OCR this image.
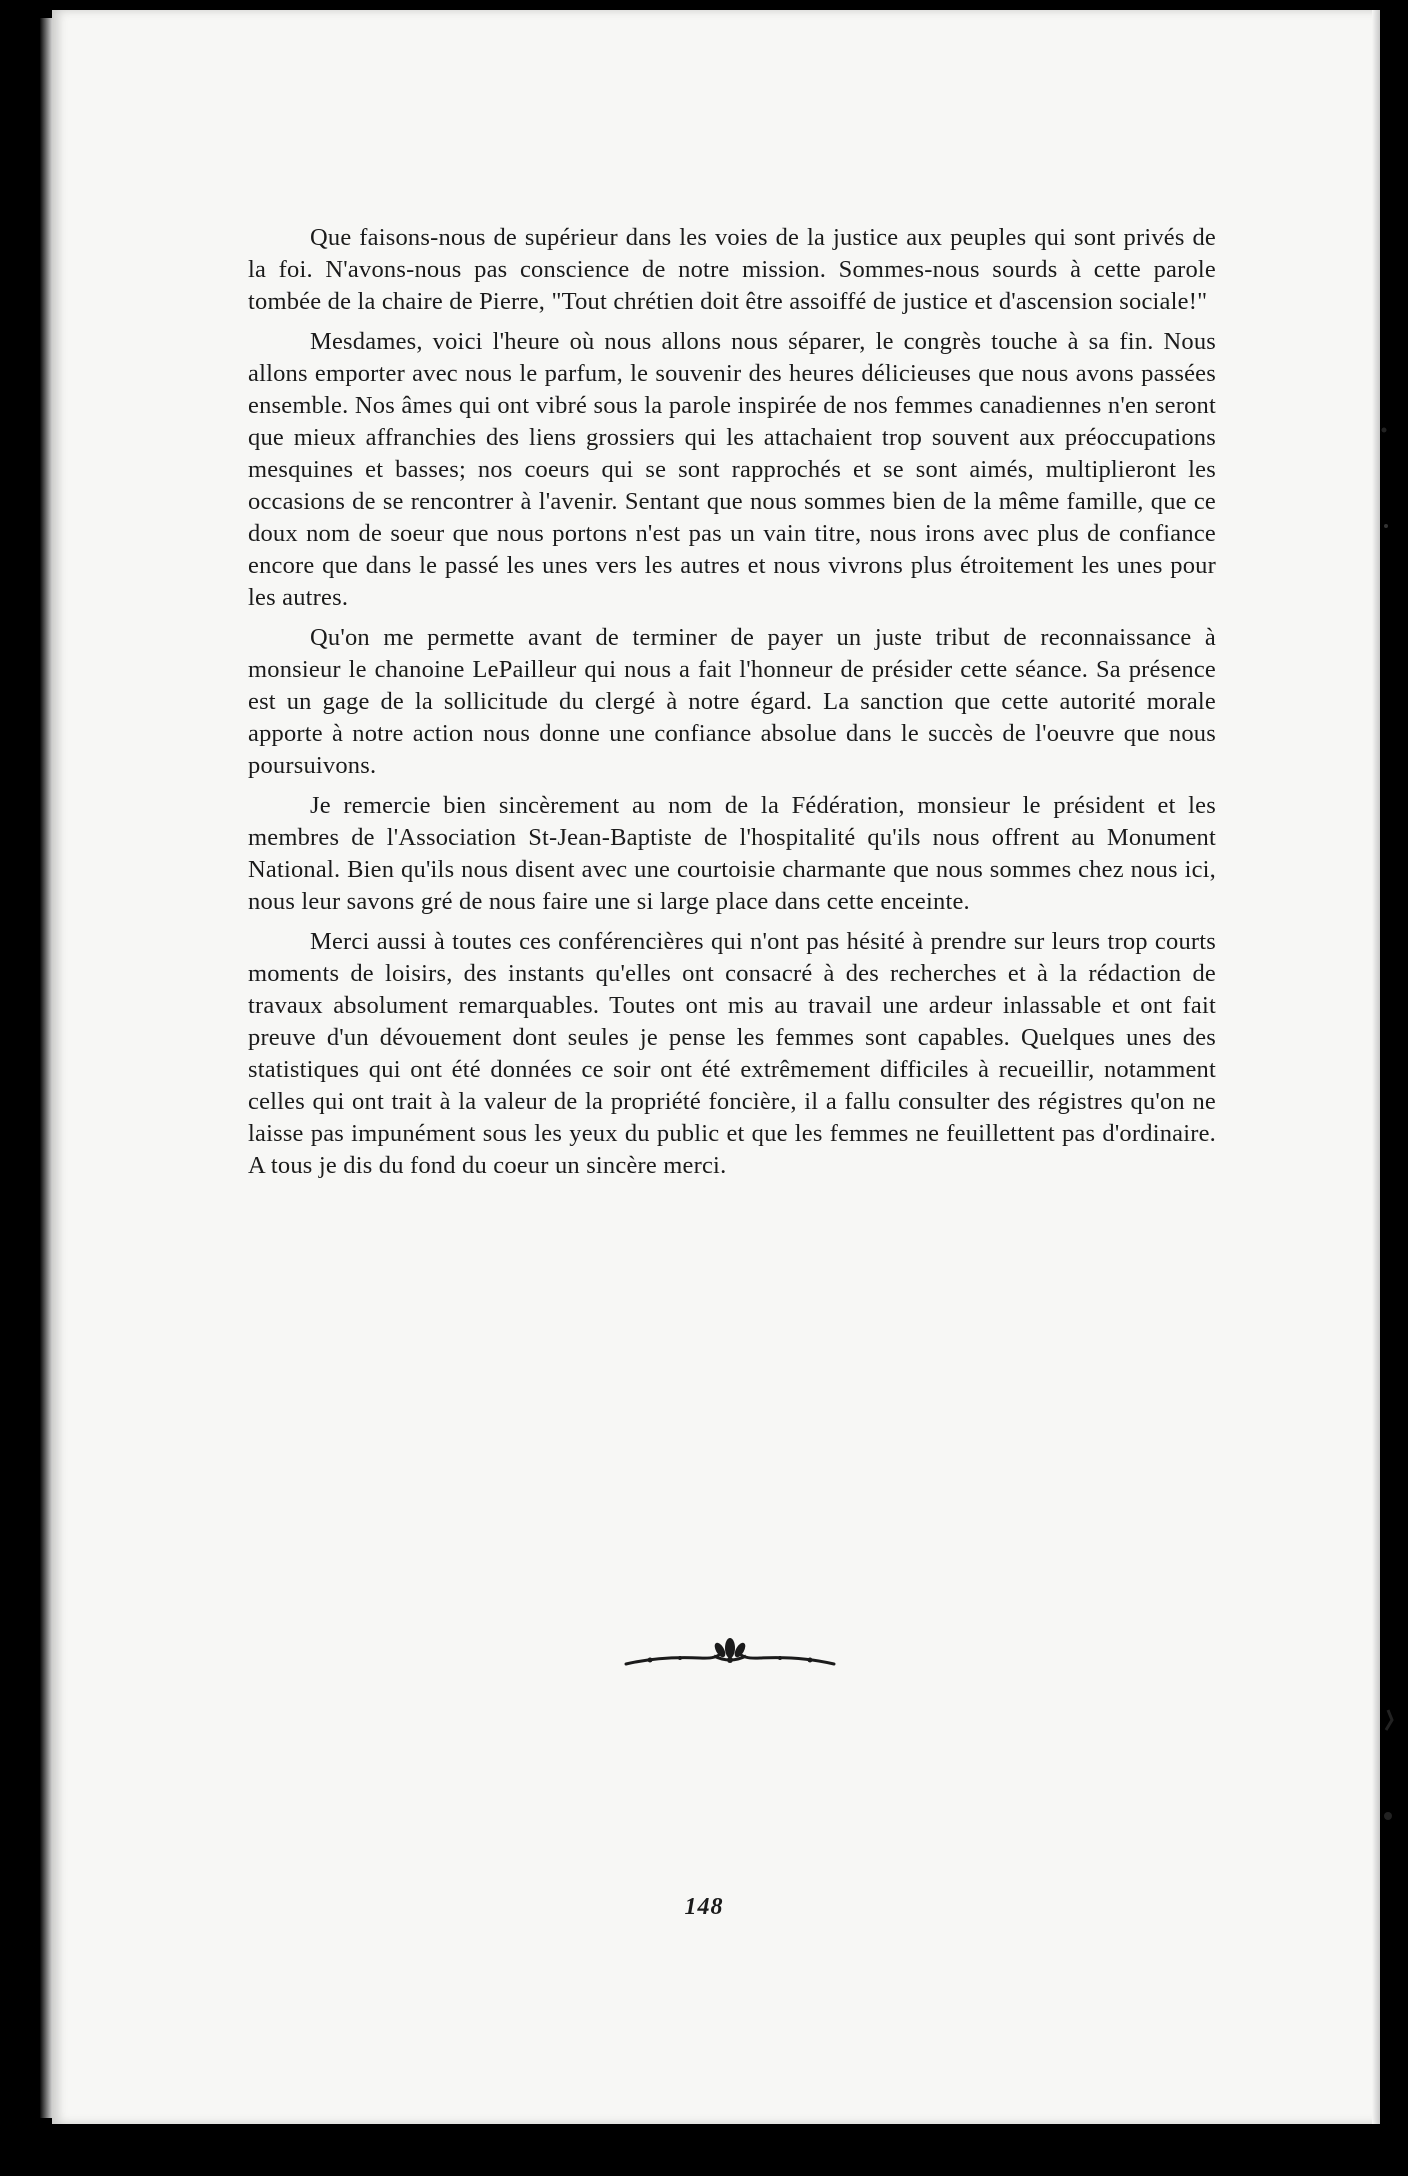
Que faisons-nous de supérieur dans les voies de la justice aux peuples qui sont privés de la foi. N'avons-nous pas conscience de notre mission. Sommes-nous sourds à cette parole tombée de la chaire de Pierre, "Tout chrétien doit être assoiffé de justice et d'ascension sociale!"

Mesdames, voici l'heure où nous allons nous séparer, le congrès touche à sa fin. Nous allons emporter avec nous le parfum, le souvenir des heures délicieuses que nous avons passées ensemble. Nos âmes qui ont vibré sous la parole inspirée de nos femmes canadiennes n'en seront que mieux affranchies des liens grossiers qui les attachaient trop souvent aux préoccupations mesquines et basses; nos coeurs qui se sont rapprochés et se sont aimés, multiplieront les occasions de se rencontrer à l'avenir. Sentant que nous sommes bien de la même famille, que ce doux nom de soeur que nous portons n'est pas un vain titre, nous irons avec plus de confiance encore que dans le passé les unes vers les autres et nous vivrons plus étroitement les unes pour les autres.

Qu'on me permette avant de terminer de payer un juste tribut de reconnaissance à monsieur le chanoine LePailleur qui nous a fait l'honneur de présider cette séance. Sa présence est un gage de la sollicitude du clergé à notre égard. La sanction que cette autorité morale apporte à notre action nous donne une confiance absolue dans le succès de l'oeuvre que nous poursuivons.

Je remercie bien sincèrement au nom de la Fédération, monsieur le président et les membres de l'Association St-Jean-Baptiste de l'hospitalité qu'ils nous offrent au Monument National. Bien qu'ils nous disent avec une courtoisie charmante que nous sommes chez nous ici, nous leur savons gré de nous faire une si large place dans cette enceinte.

Merci aussi à toutes ces conférencières qui n'ont pas hésité à prendre sur leurs trop courts moments de loisirs, des instants qu'elles ont consacré à des recherches et à la rédaction de travaux absolument remarquables. Toutes ont mis au travail une ardeur inlassable et ont fait preuve d'un dévouement dont seules je pense les femmes sont capables. Quelques unes des statistiques qui ont été données ce soir ont été extrêmement difficiles à recueillir, notamment celles qui ont trait à la valeur de la propriété foncière, il a fallu consulter des régistres qu'on ne laisse pas impunément sous les yeux du public et que les femmes ne feuillettent pas d'ordinaire. A tous je dis du fond du coeur un sincère merci.

148
